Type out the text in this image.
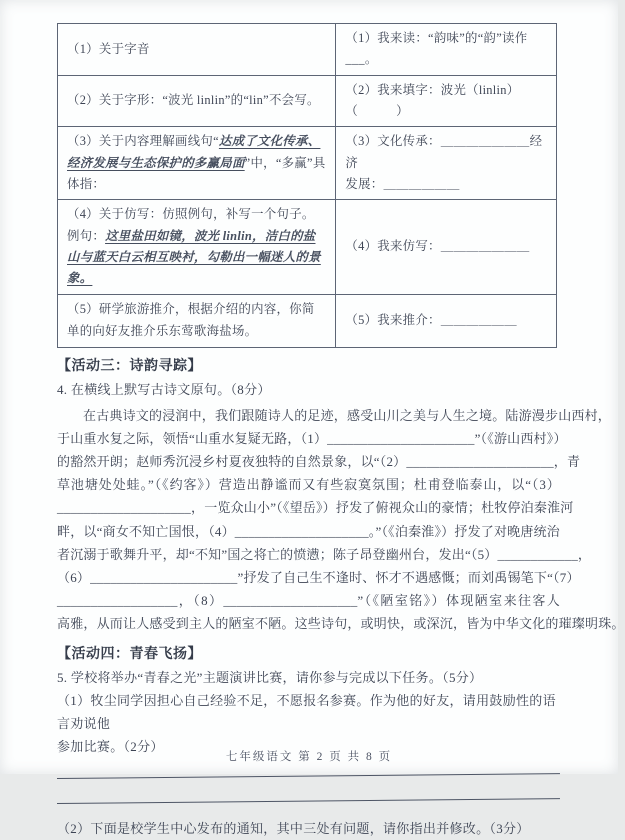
（1）关于字音	（1）我来读：“韵味”的“韵”读作___。
（2）关于字形：“波光 linlin”的“lin”不会写。	（2）我来填字：波光（linlin）（　　　）
（3）关于内容理解画线句“达成了文化传承、经济发展与生态保护的多赢局面”中，“多赢”具体指：	（3）文化传承：＿＿＿＿＿＿＿经济
发展：＿＿＿＿＿＿

（4）关于仿写：仿照例句，补写一个句子。例句：这里盐田如镜，波光 linlin，洁白的盐山与蓝天白云相互映衬，勾勒出一幅迷人的景象。	（4）我来仿写：＿＿＿＿＿＿＿
（5）研学旅游推介，根据介绍的内容，你简单的向好友推介乐东莺歌海盐场。	（5）我来推介：＿＿＿＿＿＿
【活动三：诗韵寻踪】
4. 在横线上默写古诗文原句。（8分）
在古典诗文的浸润中，我们跟随诗人的足迹，感受山川之美与人生之境。陆游漫步山西村，
于山重水复之际，领悟“山重水复疑无路，（1）______________________”（《游山西村》）
的豁然开朗；赵师秀沉浸乡村夏夜独特的自然景象，以“（2）______________________，青
草池塘处处蛙。”（《约客》）营造出静谧而又有些寂寞氛围；杜甫登临泰山，以“（3）
____________________，一览众山小”（《望岳》）抒发了俯视众山的豪情；杜牧停泊秦淮河
畔，以“商女不知亡国恨，（4）____________________。”（《泊秦淮》）抒发了对晚唐统治
者沉溺于歌舞升平，却“不知”国之将亡的愤懑；陈子昂登幽州台，发出“（5）____________，
（6）______________________”抒发了自己生不逢时、怀才不遇感慨；而刘禹锡笔下“（7）
__________________，（8）____________________”（《陋室铭》）体现陋室来往客人
高雅，从而让人感受到主人的陋室不陋。这些诗句，或明快，或深沉，皆为中华文化的璀璨明珠。
【活动四：青春飞扬】
5. 学校将举办“青春之光”主题演讲比赛，请你参与完成以下任务。（5分）
（1）牧尘同学因担心自己经验不足，不愿报名参赛。作为他的好友，请用鼓励性的语言劝说他
参加比赛。（2分）
（2）下面是校学生中心发布的通知，其中三处有问题，请你指出并修改。（3分）
七年级语文 第 2 页 共 8 页
